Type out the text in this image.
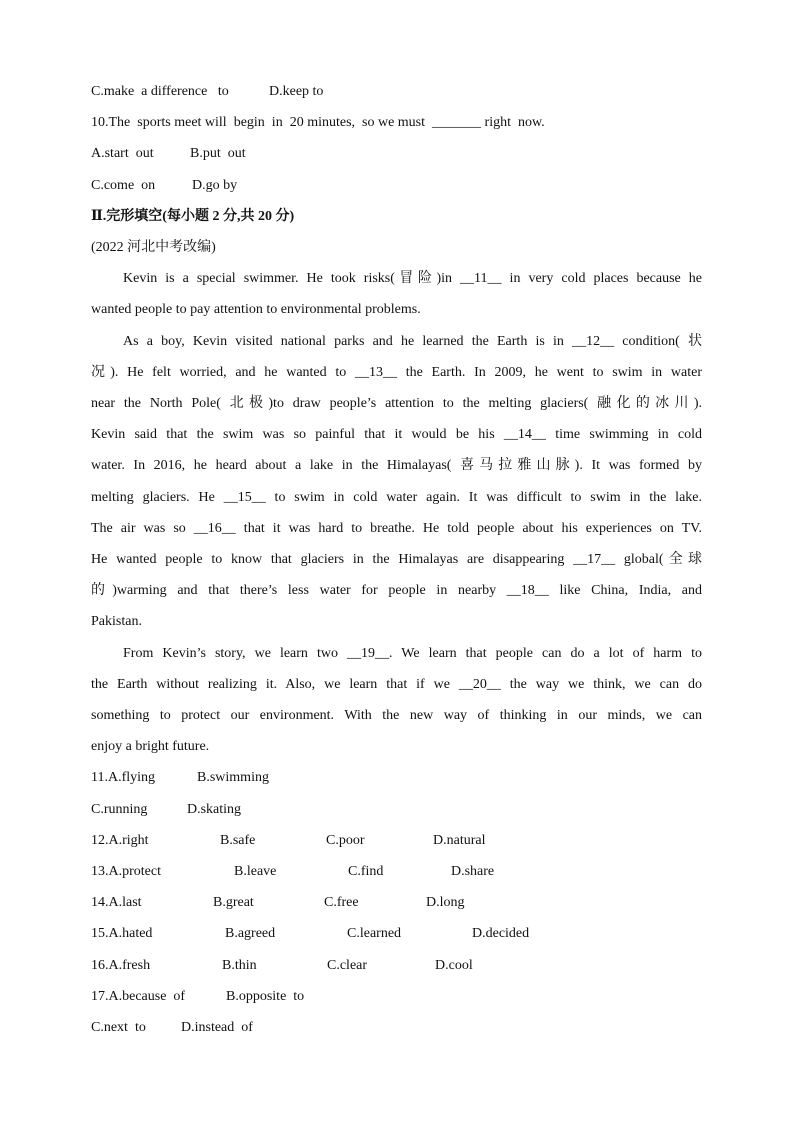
C.make  a difference   to

	D.keep to

10.The  sports meet will  begin  in  20 minutes,  so we must  _______ right  now.

A.start  out

	B.put  out

C.come  on

	D.go by

Ⅱ.完形填空(每小题 2 分,共 20 分)
(2022 河北中考改编)
Kevin is a special swimmer. He took risks(冒险)in __11__ in very cold places because he
wanted people to pay attention to environmental problems.
As a boy, Kevin visited national parks and he learned the Earth is in __12__ condition( 状
况). He felt worried, and he wanted to __13__ the Earth. In 2009, he went to swim in water
near the North Pole( 北极)to draw people’s attention to the melting glaciers( 融化的冰川).
Kevin said that the swim was so painful that it would be his __14__ time swimming in cold
water. In 2016, he heard about a lake in the Himalayas( 喜马拉雅山脉). It was formed by
melting glaciers. He __15__ to swim in cold water again. It was difficult to swim in the lake.
The air was so __16__ that it was hard to breathe. He told people about his experiences on TV.
He wanted people to know that glaciers in the Himalayas are disappearing __17__ global(全球
的)warming and that there’s less water for people in nearby __18__ like China, India, and
Pakistan.
From Kevin’s story, we learn two __19__. We learn that people can do a lot of harm to
the Earth without realizing it. Also, we learn that if we __20__ the way we think, we can do
something to protect our environment. With the new way of thinking in our minds, we can
enjoy a bright future.

11.A.flying

	B.swimming

C.running

	D.skating

12.A.right

	B.safe

	C.poor

	D.natural

13.A.protect

	B.leave

	C.find

	D.share

14.A.last

	B.great

	C.free

	D.long

15.A.hated

	B.agreed

	C.learned

	D.decided

16.A.fresh

	B.thin

	C.clear

	D.cool

17.A.because  of

	B.opposite  to

C.next  to

	D.instead  of
